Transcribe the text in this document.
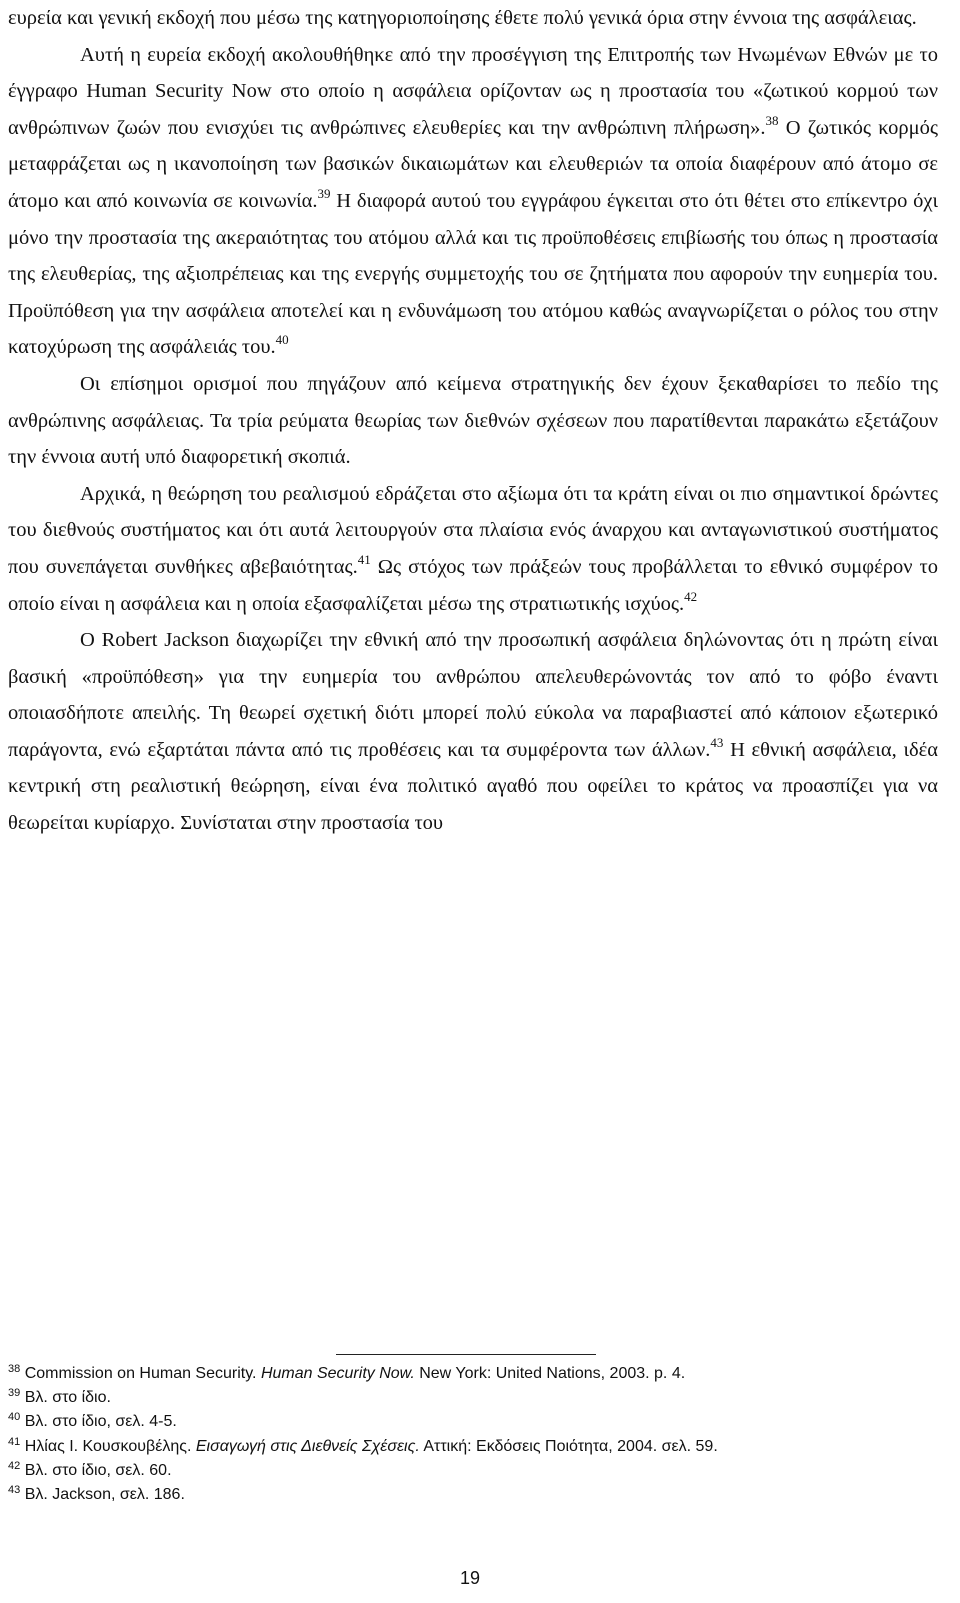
ευρεία και γενική εκδοχή που μέσω της κατηγοριοποίησης έθετε πολύ γενικά όρια στην έννοια της ασφάλειας.

Αυτή η ευρεία εκδοχή ακολουθήθηκε από την προσέγγιση της Επιτροπής των Ηνωμένων Εθνών με το έγγραφο Human Security Now στο οποίο η ασφάλεια ορίζονταν ως η προστασία του «ζωτικού κορμού των ανθρώπινων ζωών που ενισχύει τις ανθρώπινες ελευθερίες και την ανθρώπινη πλήρωση».$^{38}$ Ο ζωτικός κορμός μεταφράζεται ως η ικανοποίηση των βασικών δικαιωμάτων και ελευθεριών τα οποία διαφέρουν από άτομο σε άτομο και από κοινωνία σε κοινωνία.$^{39}$ Η διαφορά αυτού του εγγράφου έγκειται στο ότι θέτει στο επίκεντρο όχι μόνο την προστασία της ακεραιότητας του ατόμου αλλά και τις προϋποθέσεις επιβίωσής του όπως η προστασία της ελευθερίας, της αξιοπρέπειας και της ενεργής συμμετοχής του σε ζητήματα που αφορούν την ευημερία του. Προϋπόθεση για την ασφάλεια αποτελεί και η ενδυνάμωση του ατόμου καθώς αναγνωρίζεται ο ρόλος του στην κατοχύρωση της ασφάλειάς του.$^{40}$

Οι επίσημοι ορισμοί που πηγάζουν από κείμενα στρατηγικής δεν έχουν ξεκαθαρίσει το πεδίο της ανθρώπινης ασφάλειας. Τα τρία ρεύματα θεωρίας των διεθνών σχέσεων που παρατίθενται παρακάτω εξετάζουν την έννοια αυτή υπό διαφορετική σκοπιά.

Αρχικά, η θεώρηση του ρεαλισμού εδράζεται στο αξίωμα ότι τα κράτη είναι οι πιο σημαντικοί δρώντες του διεθνούς συστήματος και ότι αυτά λειτουργούν στα πλαίσια ενός άναρχου και ανταγωνιστικού συστήματος που συνεπάγεται συνθήκες αβεβαιότητας.$^{41}$ Ως στόχος των πράξεών τους προβάλλεται το εθνικό συμφέρον το οποίο είναι η ασφάλεια και η οποία εξασφαλίζεται μέσω της στρατιωτικής ισχύος.$^{42}$

Ο Robert Jackson διαχωρίζει την εθνική από την προσωπική ασφάλεια δηλώνοντας ότι η πρώτη είναι βασική «προϋπόθεση» για την ευημερία του ανθρώπου απελευθερώνοντάς τον από το φόβο έναντι οποιασδήποτε απειλής. Τη θεωρεί σχετική διότι μπορεί πολύ εύκολα να παραβιαστεί από κάποιον εξωτερικό παράγοντα, ενώ εξαρτάται πάντα από τις προθέσεις και τα συμφέροντα των άλλων.$^{43}$ Η εθνική ασφάλεια, ιδέα κεντρική στη ρεαλιστική θεώρηση, είναι ένα πολιτικό αγαθό που οφείλει το κράτος να προασπίζει για να θεωρείται κυρίαρχο. Συνίσταται στην προστασία του

$^{38}$ Commission on Human Security. Human Security Now. New York: United Nations, 2003. p. 4.
$^{39}$ Βλ. στο ίδιο.
$^{40}$ Βλ. στο ίδιο, σελ. 4-5.
$^{41}$ Ηλίας Ι. Κουσκουβέλης. Εισαγωγή στις Διεθνείς Σχέσεις. Αττική: Εκδόσεις Ποιότητα, 2004. σελ. 59.
$^{42}$ Βλ. στο ίδιο, σελ. 60.
$^{43}$ Βλ. Jackson, σελ. 186.
19
